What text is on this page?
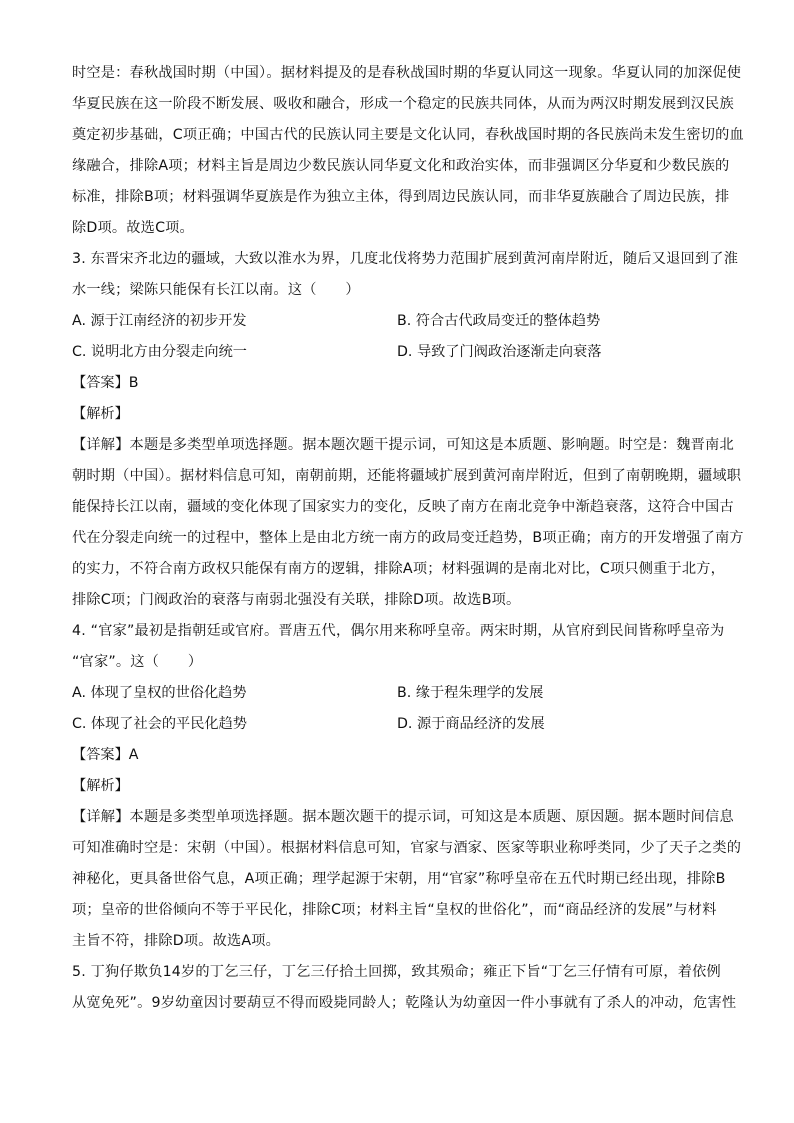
时空是：春秋战国时期（中国）。据材料提及的是春秋战国时期的华夏认同这一现象。华夏认同的加深促使
华夏民族在这一阶段不断发展、吸收和融合，形成一个稳定的民族共同体，从而为两汉时期发展到汉民族
奠定初步基础，C项正确；中国古代的民族认同主要是文化认同，春秋战国时期的各民族尚未发生密切的血
缘融合，排除A项；材料主旨是周边少数民族认同华夏文化和政治实体，而非强调区分华夏和少数民族的
标准，排除B项；材料强调华夏族是作为独立主体，得到周边民族认同，而非华夏族融合了周边民族，排
除D项。故选C项。
3. 东晋宋齐北边的疆域，大致以淮水为界，几度北伐将势力范围扩展到黄河南岸附近，随后又退回到了淮
水一线；梁陈只能保有长江以南。这（　　）
A. 源于江南经济的初步开发	B. 符合古代政局变迁的整体趋势
C. 说明北方由分裂走向统一	D. 导致了门阀政治逐渐走向衰落
【答案】B
【解析】
【详解】本题是多类型单项选择题。据本题次题干提示词，可知这是本质题、影响题。时空是：魏晋南北
朝时期（中国）。据材料信息可知，南朝前期，还能将疆域扩展到黄河南岸附近，但到了南朝晚期，疆域职
能保持长江以南，疆域的变化体现了国家实力的变化，反映了南方在南北竞争中渐趋衰落，这符合中国古
代在分裂走向统一的过程中，整体上是由北方统一南方的政局变迁趋势，B项正确；南方的开发增强了南方
的实力，不符合南方政权只能保有南方的逻辑，排除A项；材料强调的是南北对比，C项只侧重于北方，
排除C项；门阀政治的衰落与南弱北强没有关联，排除D项。故选B项。
4. “官家”最初是指朝廷或官府。晋唐五代，偶尔用来称呼皇帝。两宋时期，从官府到民间皆称呼皇帝为
“官家”。这（　　）
A. 体现了皇权的世俗化趋势	B. 缘于程朱理学的发展
C. 体现了社会的平民化趋势	D. 源于商品经济的发展
【答案】A
【解析】
【详解】本题是多类型单项选择题。据本题次题干的提示词，可知这是本质题、原因题。据本题时间信息
可知准确时空是：宋朝（中国）。根据材料信息可知，官家与酒家、医家等职业称呼类同，少了天子之类的
神秘化，更具备世俗气息，A项正确；理学起源于宋朝，用“官家”称呼皇帝在五代时期已经出现，排除B
项；皇帝的世俗倾向不等于平民化，排除C项；材料主旨“皇权的世俗化”，而“商品经济的发展”与材料
主旨不符，排除D项。故选A项。
5. 丁狗仔欺负14岁的丁乞三仔，丁乞三仔拾土回掷，致其殒命；雍正下旨“丁乞三仔情有可原，着依例
从宽免死”。9岁幼童因讨要葫豆不得而殴毙同龄人；乾隆认为幼童因一件小事就有了杀人的冲动，危害性
